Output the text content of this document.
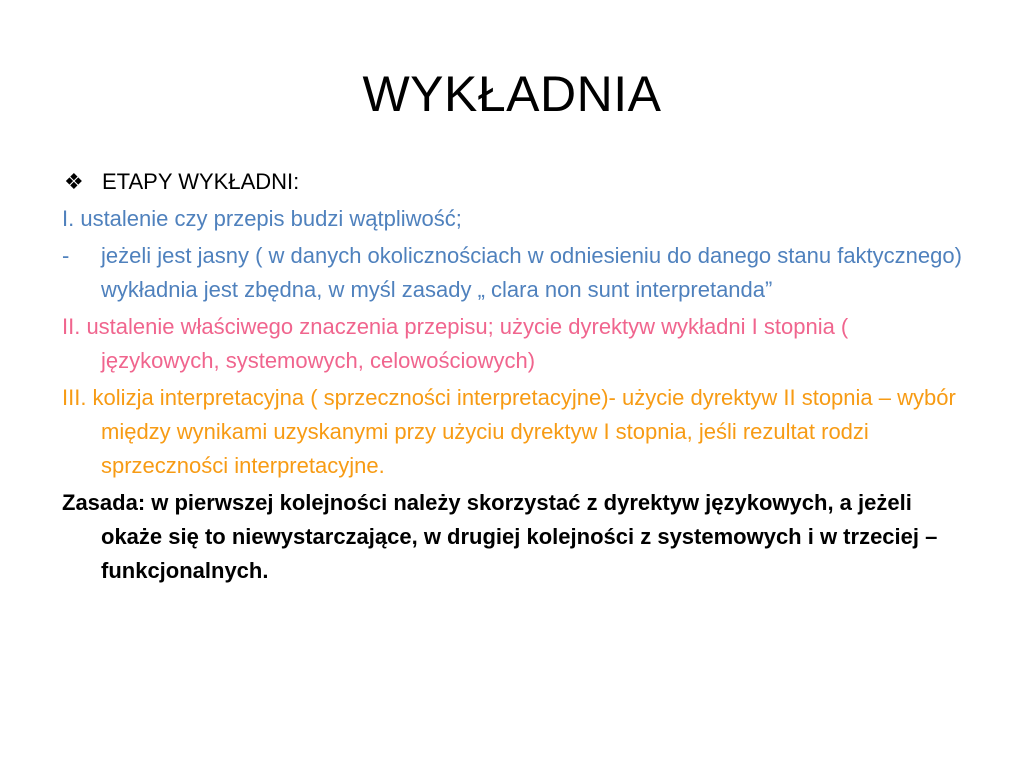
WYKŁADNIA
❖ ETAPY WYKŁADNI:
I. ustalenie czy przepis budzi wątpliwość;
- jeżeli jest jasny ( w danych okolicznościach w odniesieniu do danego stanu faktycznego) wykładnia jest zbędna, w myśl zasady „ clara non sunt interpretanda”
II. ustalenie właściwego znaczenia przepisu; użycie dyrektyw wykładni I stopnia ( językowych, systemowych, celowościowych)
III. kolizja interpretacyjna ( sprzeczności interpretacyjne)- użycie dyrektyw II stopnia – wybór między wynikami uzyskanymi przy użyciu dyrektyw I stopnia, jeśli rezultat rodzi sprzeczności interpretacyjne.
Zasada: w pierwszej kolejności należy skorzystać z dyrektyw językowych, a jeżeli okaże się to niewystarczające, w drugiej kolejności z systemowych i w trzeciej – funkcjonalnych.
